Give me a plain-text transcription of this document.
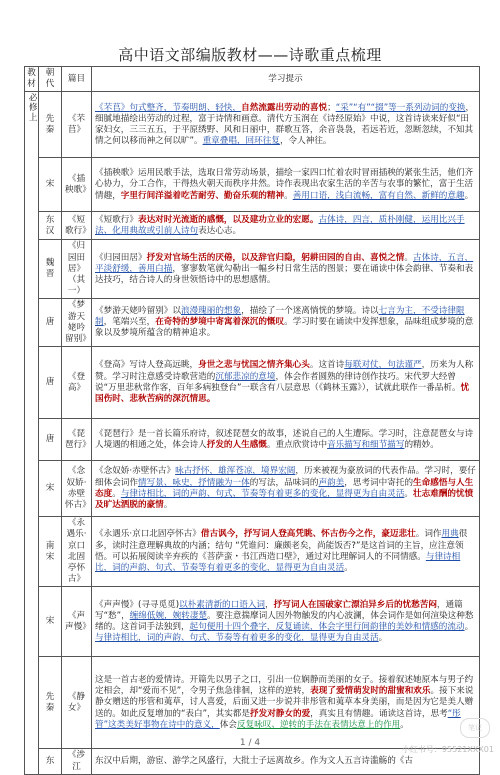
高中语文部编版教材——诗歌重点梳理
教材	朝代	篇目	学习提示

必修上	先秦	《芣苢》	《芣苢》句式整齐，节奏明朗、轻快，自然流露出劳动的喜悦；“采”“有”“掇”等一系列动词的变换，细腻地描绘出劳动的过程，富于诗情和画意。清代方玉润在《诗经原始》中说，这首诗读来好似“田家妇女，三三五五，于平原绣野、风和日丽中，群歌互答，余音袅袅，若远若近，忽断忽续，不知其情之何以移而神之何以旷”。重章叠唱，回环往复，令人神往。
	宋	《插秧歌》	《插秧歌》运用民歌手法，选取日常劳动场景，描绘一家四口忙着农时冒雨插秧的紧张生活，他们齐心协力，分工合作，干得热火朝天而秩序井然。诗作表现出农家生活的辛苦与农事的繁忙，富于生活情趣，字里行间洋溢着吃苦耐劳、勤奋乐观的精神。善用口语，浅白流畅，富有自然、新鲜的意趣。
	东汉	《短歌行》	《短歌行》表达对时光流逝的感慨，以及建功立业的宏愿。古体诗，四言，质朴刚健，运用比兴手法、化用典故或引前人诗句表达心志。
	魏晋	《归园田居》（其一）	《归园田居》抒发对官场生活的厌倦，以及辞官归隐，躬耕田园的自由、喜悦之情。古体诗，五言，平淡舒缓，善用白描，寥寥数笔就勾勒出一幅乡村日常生活的图景；要在诵读中体会韵律、节奏和表达技巧，结合诗人的身世领悟诗中的思想感情。
	唐	《梦游天姥吟留别》	《梦游天姥吟留别》以浪漫瑰丽的想象，描绘了一个迷离惝恍的梦境。诗以七言为主，不受诗律限制，笔端兴至，在奇特的梦境中寄寓着深沉的慨叹。学习时要在诵读中发挥想象，品味组成梦境的意象以及梦境所蕴含的精神追求。
	唐	《登高》	《登高》写诗人登高远眺，身世之悲与忧国之情齐集心头。这首诗每联对仗，句法谨严，历来为人称赞。学习时注意感受诗歌营造的沉郁悲凉的意境，体会作者圆熟的律诗创作技巧。宋代罗大经曾说“万里悲秋常作客，百年多病独登台”一联含有八层意思（《鹤林玉露》），试就此联作一番品析。忧国伤时、悲秋苦病的深沉情思。
	唐	《琵琶行》	《琵琶行》是一首长篇乐府诗，叙述琵琶女的故事，述说自己的人生遭际。学习时，注意琵琶女与诗人境遇的相通之处，体会诗人抒发的人生感慨。重点欣赏诗中音乐描写和细节描写的精妙。
	宋	《念奴娇·赤壁怀古》	《念奴娇·赤壁怀古》咏古抒怀，雄浑苍凉，境界宏阔，历来被视为豪放词的代表作品。学习时，要仔细体会词作情写景、咏史，抒情融为一体的写法，品味词的声韵美，思考词中寄托的生命感悟与人生态度。与律诗相比，词的声韵、句式、节奏等有着更多的变化，显得更为自由灵活。壮志难酬的忧愤及旷达洒脱的豪情。
	南宋	《永遇乐·京口北固亭怀古》	《永遇乐·京口北固亭怀古》借古讽今，抒写词人登高凭眺、怀古伤今之作，豪迈悲壮。词作用典很多，读时注意理解典故的内涵；结句 “凭谁问：廉颇老矣，尚能饭否?”是这首词的主旨，应注意领悟。可以拓展阅读辛弃疾的《菩萨蛮・书江西造口壁》，通过对比理解词人的不同情感。与律诗相比，词的声韵、句式、节奏等有着更多的变化，显得更为自由灵活。
	宋	《声声慢》	《声声慢》(寻寻觅觅)以朴素清新的口语入词，抒写词人在国破家亡漂泊异乡后的忧愁苦闷，通篇写“愁”，缠绵低婉，婉转凄楚。要注意揣摩词人因外物触发的内心波澜，体会词作是如何渲染这种愁绪的。这首词手法独到，起句便用十四个叠字，反复诵读，体会字里行间韵律的美妙和情感的流动。与律诗相比，词的声韵、句式、节奏等有着更多的变化，显得更为自由灵活。
	先秦	《静女》	这是一首古老的爱情诗。开篇先以男子之口，引出一位娴静而美丽的女子。接着叙述她原本与男子约定相会，却“爱而不见”，令男子焦急徘徊，这样的逆转，表现了爱情萌发时的甜蜜和欢乐。接下来说静女赠送的彤管和荑草，讨人喜爱，后面又进一步说并非彤管和荑草本身美丽，而是因为它是美人赠送的。如此反复增加的“表白”，其实都是抒发对静女的爱，真实且有情趣。诵读这首诗，思考“彤管”这类美好事物在诗中的意义，体会反复咏叹、逆转的手法在表情达意上的作用。
	东	《涉江	东汉中后期，游宦、游学之风盛行，大批士子远离故乡。作为文人五言诗滥觞的《古
笔记
1 / 4
小红书号：95521XXX01
